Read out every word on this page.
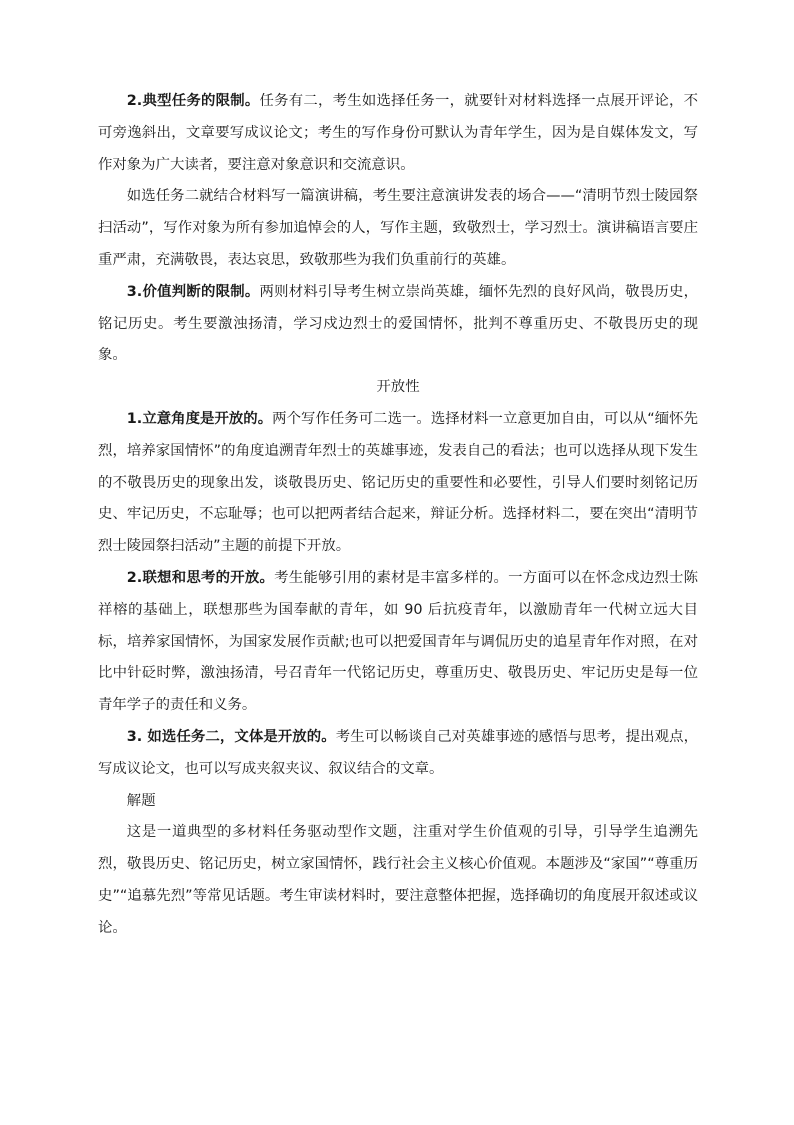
2.典型任务的限制。任务有二，考生如选择任务一，就要针对材料选择一点展开评论，不可旁逸斜出，文章要写成议论文；考生的写作身份可默认为青年学生，因为是自媒体发文，写作对象为广大读者，要注意对象意识和交流意识。

如选任务二就结合材料写一篇演讲稿，考生要注意演讲发表的场合——“清明节烈士陵园祭扫活动”，写作对象为所有参加追悼会的人，写作主题，致敬烈士，学习烈士。演讲稿语言要庄重严肃，充满敬畏，表达哀思，致敬那些为我们负重前行的英雄。

3.价值判断的限制。两则材料引导考生树立崇尚英雄，缅怀先烈的良好风尚，敬畏历史，铭记历史。考生要激浊扬清，学习戍边烈士的爱国情怀，批判不尊重历史、不敬畏历史的现象。

开放性

1.立意角度是开放的。两个写作任务可二选一。选择材料一立意更加自由，可以从“缅怀先烈，培养家国情怀”的角度追溯青年烈士的英雄事迹，发表自己的看法；也可以选择从现下发生的不敬畏历史的现象出发，谈敬畏历史、铭记历史的重要性和必要性，引导人们要时刻铭记历史、牢记历史，不忘耻辱；也可以把两者结合起来，辩证分析。选择材料二，要在突出“清明节烈士陵园祭扫活动”主题的前提下开放。

2.联想和思考的开放。考生能够引用的素材是丰富多样的。一方面可以在怀念戍边烈士陈祥榕的基础上，联想那些为国奉献的青年，如 90 后抗疫青年，以激励青年一代树立远大目标，培养家国情怀，为国家发展作贡献;也可以把爱国青年与调侃历史的追星青年作对照，在对比中针砭时弊，激浊扬清，号召青年一代铭记历史，尊重历史、敬畏历史、牢记历史是每一位青年学子的责任和义务。

3. 如选任务二，文体是开放的。考生可以畅谈自己对英雄事迹的感悟与思考，提出观点，写成议论文，也可以写成夹叙夹议、叙议结合的文章。

解题

这是一道典型的多材料任务驱动型作文题，注重对学生价值观的引导，引导学生追溯先烈，敬畏历史、铭记历史，树立家国情怀，践行社会主义核心价值观。本题涉及“家国”“尊重历史”“追慕先烈”等常见话题。考生审读材料时，要注意整体把握，选择确切的角度展开叙述或议论。
